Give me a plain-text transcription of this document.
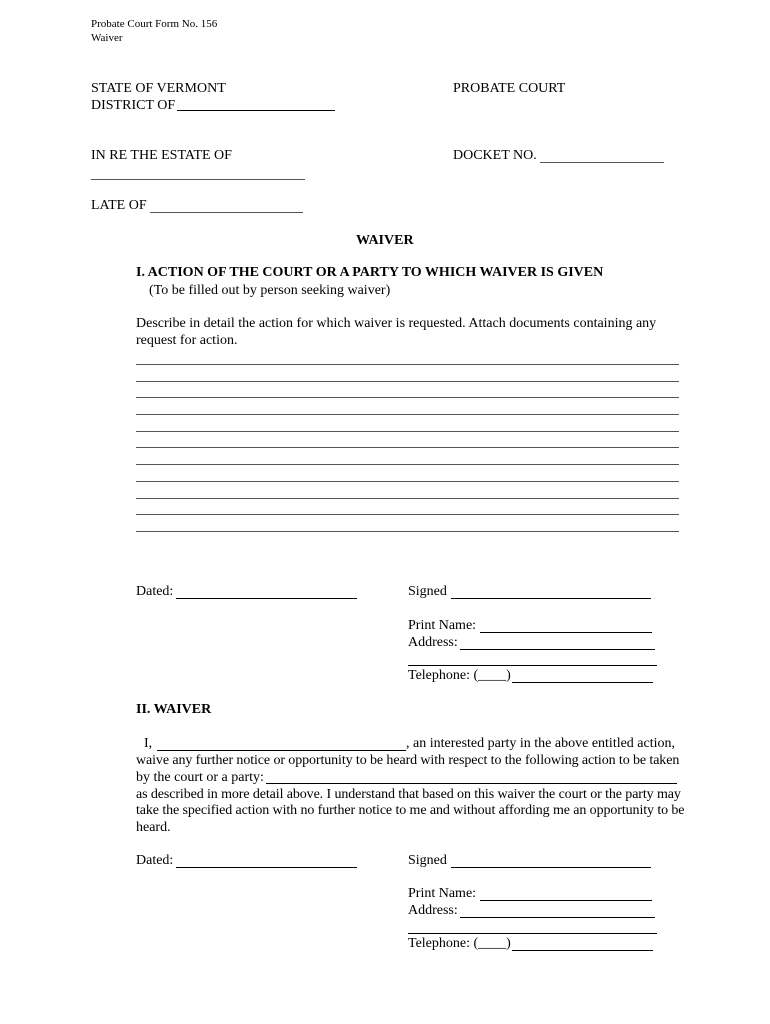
Probate Court Form No. 156
Waiver
STATE OF VERMONT	PROBATE COURT
DISTRICT OF
IN RE THE ESTATE OF	DOCKET NO.
LATE OF
WAIVER
I. ACTION OF THE COURT OR A PARTY TO WHICH WAIVER IS GIVEN
(To be filled out by person seeking waiver)
Describe in detail the action for which waiver is requested. Attach documents containing any
request for action.
Dated:	Signed
Print Name:
Address:
Telephone: (____)
II. WAIVER
I,	, an interested party in the above entitled action,
waive any further notice or opportunity to be heard with respect to the following action to be taken
by the court or a party:
as described in more detail above. I understand that based on this waiver the court or the party may
take the specified action with no further notice to me and without affording me an opportunity to be
heard.
Dated:	Signed
Print Name:
Address:
Telephone: (____)
